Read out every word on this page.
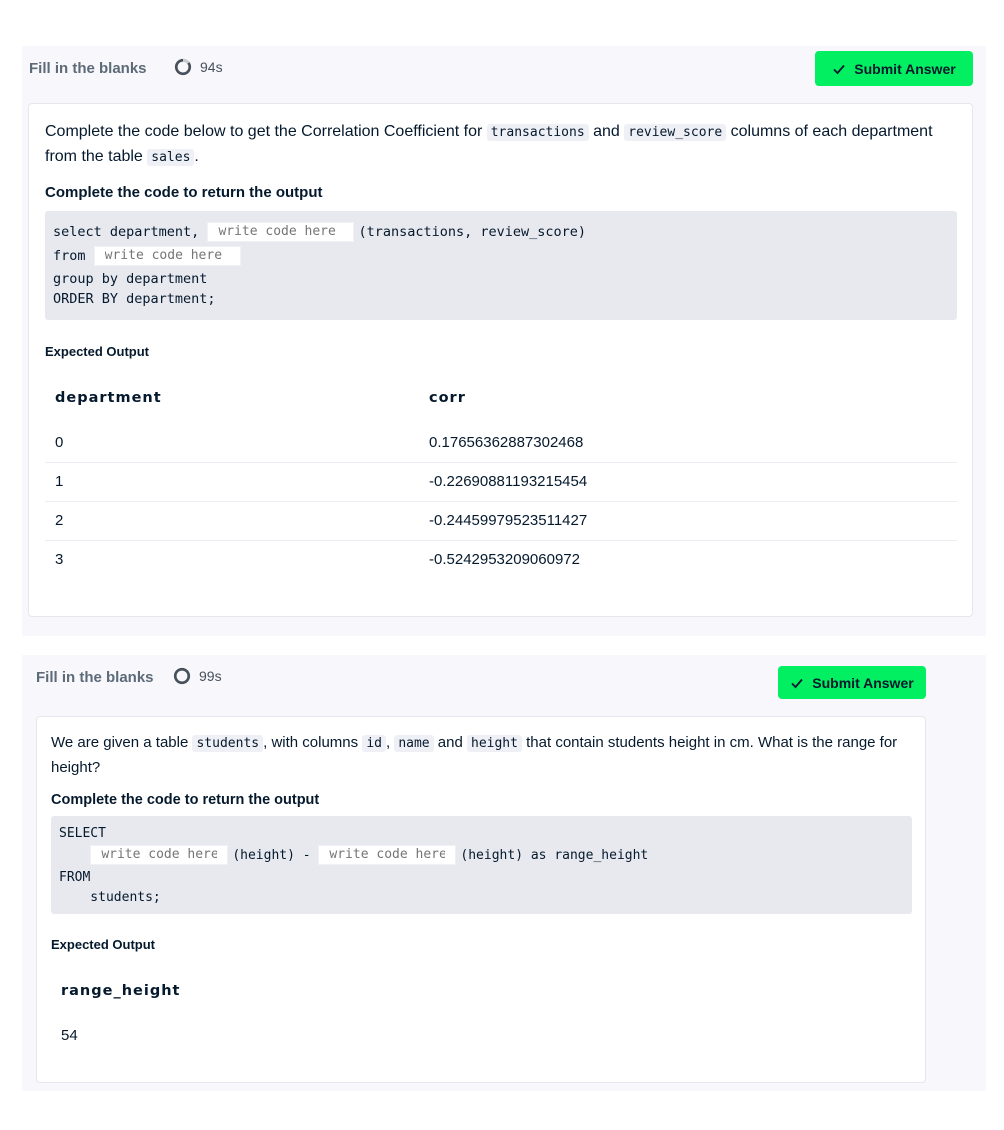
Fill in the blanks	94s	Submit Answer

Complete the code below to get the Correlation Coefficient for transactions and review_score columns of each department from the table sales .

Complete the code to return the output
select department,
write code here	(transactions, review_score)
from
write code here
group by department
ORDER BY department;
Expected Output
department	corr
0	0.17656362887302468
1	-0.22690881193215454
2	-0.24459979523511427
3	-0.5242953209060972
Fill in the blanks	99s	Submit Answer

We are given a table students , with columns id , name and height that contain students height in cm. What is the range for height?

Complete the code to return the output
SELECT

write code here
(height) -
write code here	(height) as range_height
FROM
students;
Expected Output
range_height
54
